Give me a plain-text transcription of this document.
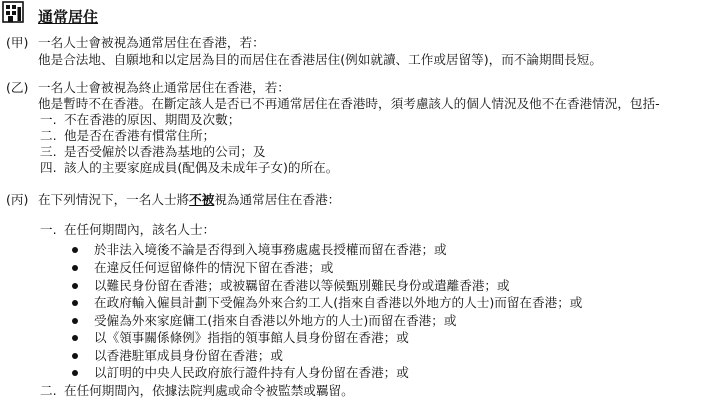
通常居住
(甲) 一名人士會被視為通常居住在香港，若：
他是合法地、自願地和以定居為目的而居住在香港居住(例如就讀、工作或居留等)，而不論期間長短。
(乙) 一名人士會被視為終止通常居住在香港，若：
他是暫時不在香港。在斷定該人是否已不再通常居住在香港時，須考慮該人的個人情況及他不在香港情況，包括-
一. 不在香港的原因、期間及次數；
二. 他是否在香港有慣常住所；
三. 是否受僱於以香港為基地的公司；及
四. 該人的主要家庭成員(配偶及未成年子女)的所在。
(丙) 在下列情況下，一名人士將不被視為通常居住在香港：
一. 在任何期間內，該名人士：
於非法入境後不論是否得到入境事務處處長授權而留在香港；或
在違反任何逗留條件的情況下留在香港；或
以難民身份留在香港；或被羈留在香港以等候甄別難民身份或遣離香港；或
在政府輸入僱員計劃下受僱為外來合約工人(指來自香港以外地方的人士)而留在香港；或
受僱為外來家庭傭工(指來自香港以外地方的人士)而留在香港；或
以《領事關係條例》指指的領事館人員身份留在香港；或
以香港駐軍成員身份留在香港；或
以訂明的中央人民政府旅行證件持有人身份留在香港；或
二. 在任何期間內，依據法院判處或命令被監禁或羈留。
